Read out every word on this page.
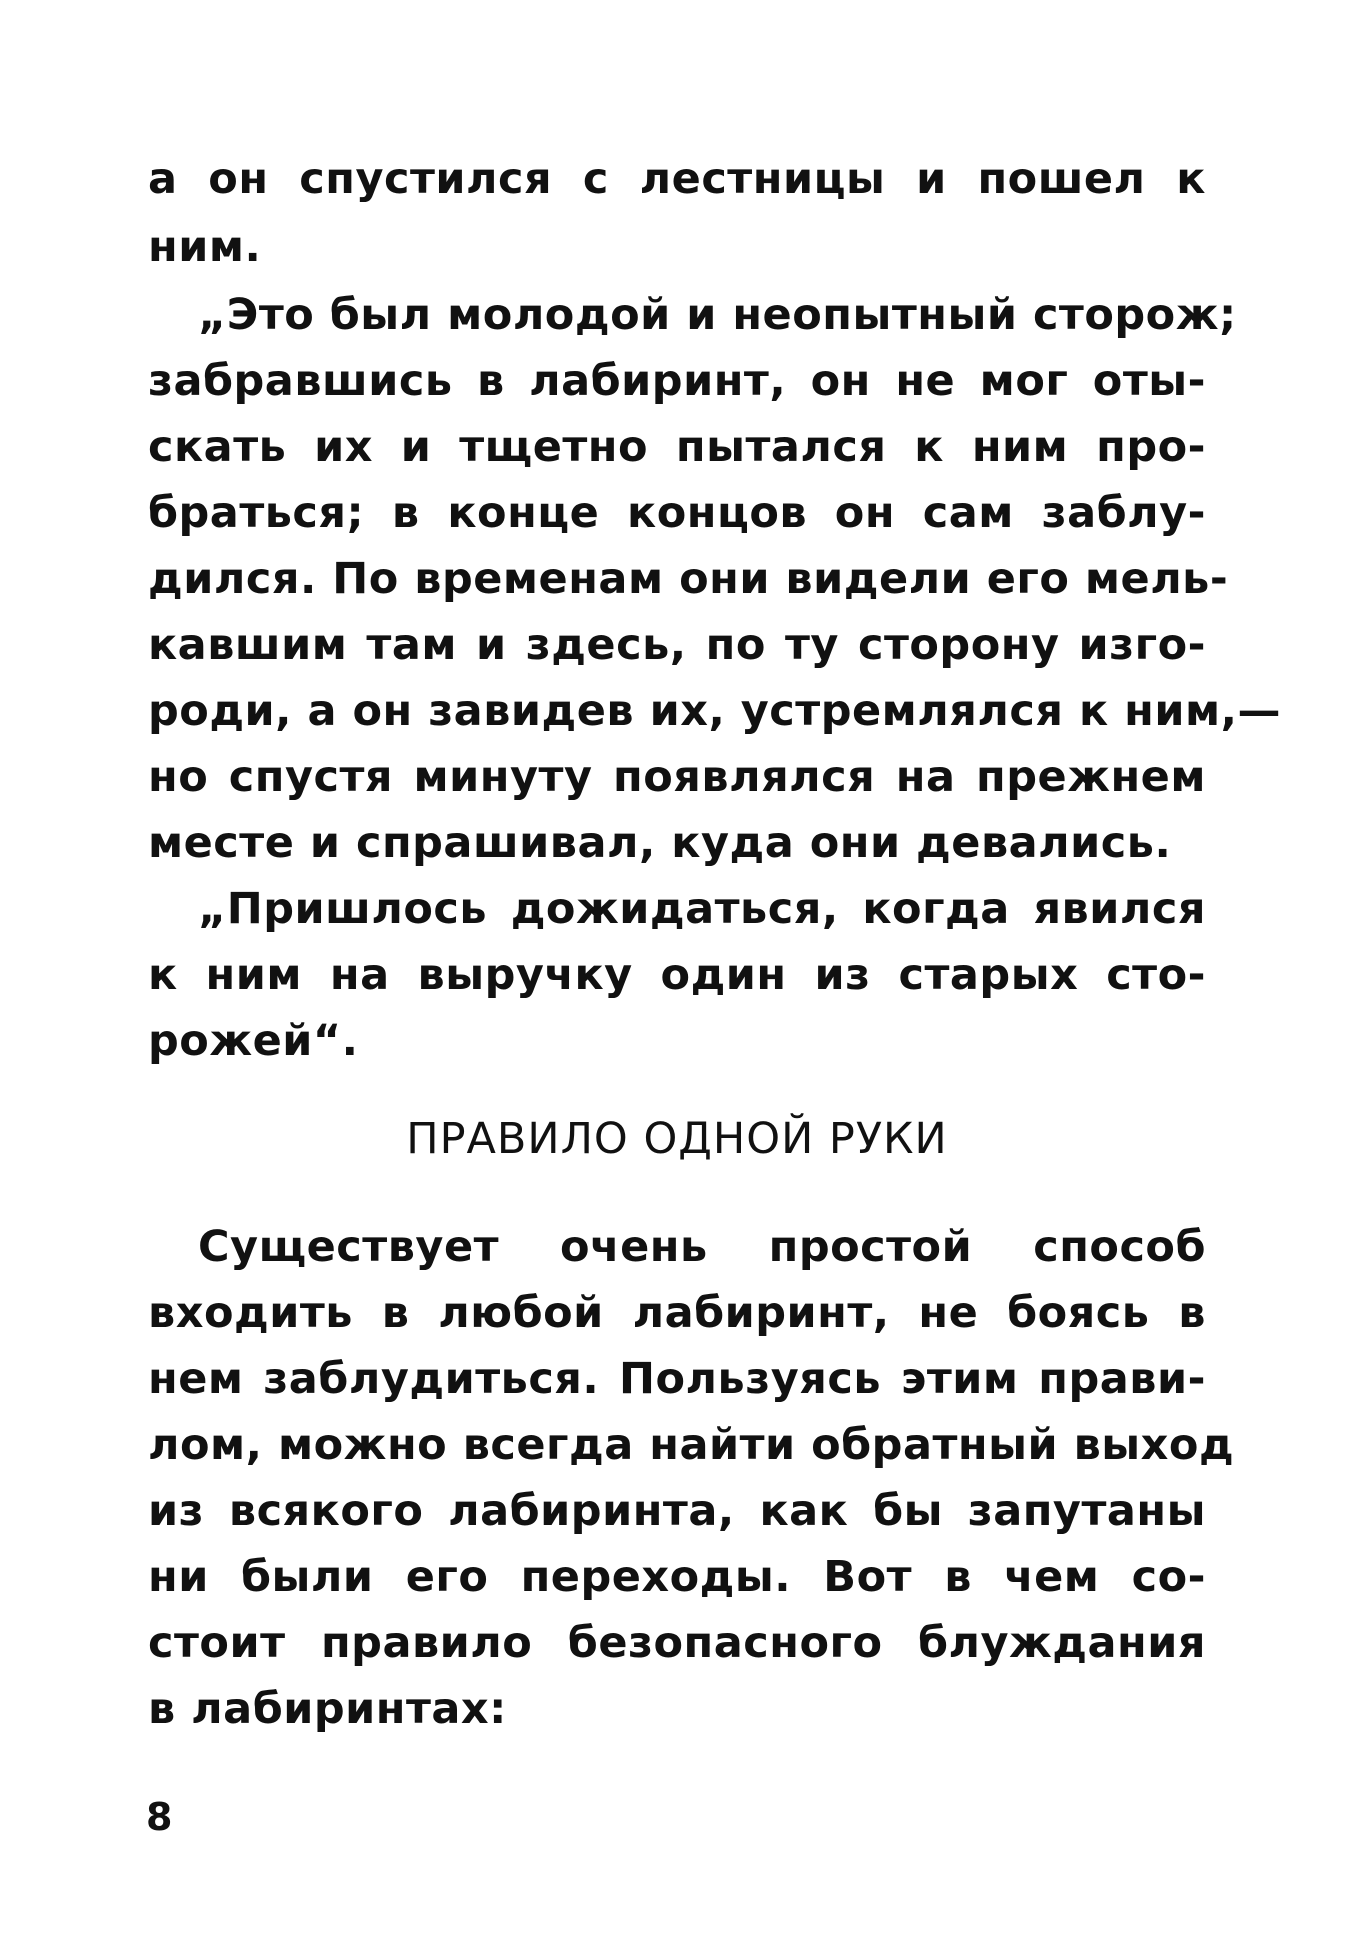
а он спустился с лестницы и пошел к

ним.

„Это был молодой и неопытный сторож;

забравшись в лабиринт, он не мог оты-

скать их и тщетно пытался к ним про-

браться; в конце концов он сам заблу-

дился. По временам они видели его мель-

кавшим там и здесь, по ту сторону изго-

роди, а он завидев их, устремлялся к ним,—

но спустя минуту появлялся на прежнем

месте и спрашивал, куда они девались.

„Пришлось дожидаться, когда явился

к ним на выручку один из старых сто-

рожей“.

ПРАВИЛО ОДНОЙ РУКИ

Существует очень простой способ

входить в любой лабиринт, не боясь в

нем заблудиться. Пользуясь этим прави-

лом, можно всегда найти обратный выход

из всякого лабиринта, как бы запутаны

ни были его переходы. Вот в чем со-

стоит правило безопасного блуждания

в лабиринтах:

8
